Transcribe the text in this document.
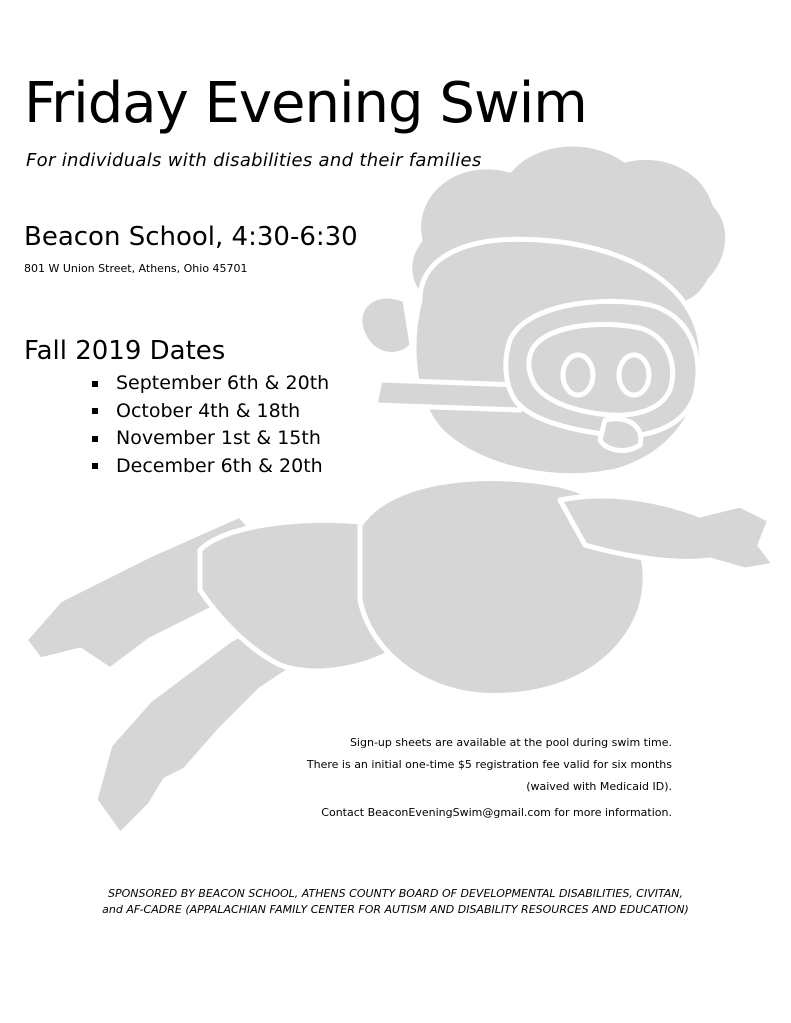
Friday Evening Swim
For individuals with disabilities and their families
Beacon School, 4:30-6:30
801 W Union Street, Athens, Ohio 45701
Fall 2019 Dates
September 6th & 20th
October 4th & 18th
November 1st & 15th
December 6th & 20th

Sign-up sheets are available at the pool during swim time.

There is an initial one-time $5 registration fee valid for six months

(waived with Medicaid ID).

Contact BeaconEveningSwim@gmail.com for more information.

SPONSORED BY BEACON SCHOOL, ATHENS COUNTY BOARD OF DEVELOPMENTAL DISABILITIES, CIVITAN,
and AF-CADRE (APPALACHIAN FAMILY CENTER FOR AUTISM AND DISABILITY RESOURCES AND EDUCATION)
